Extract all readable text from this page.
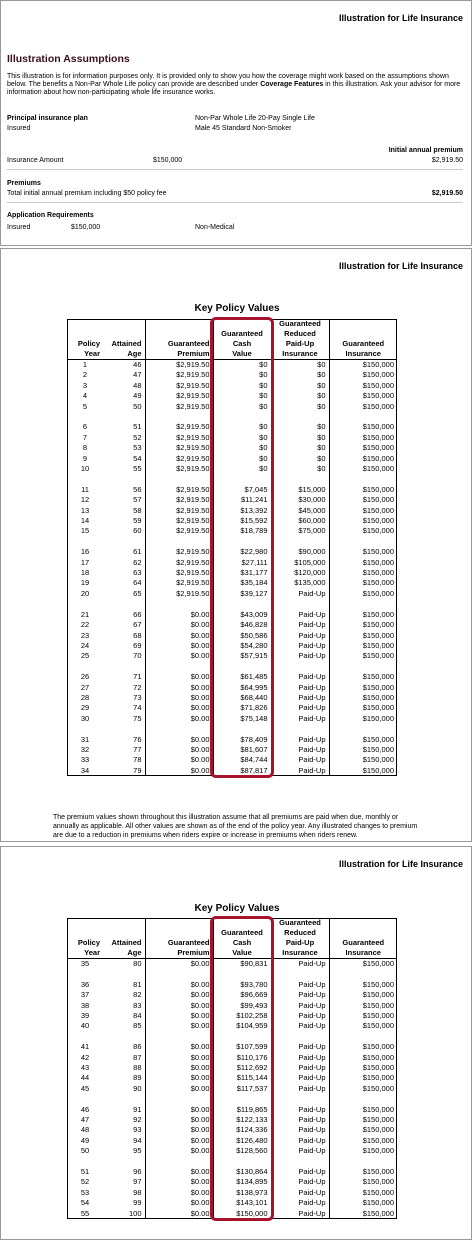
Illustration for Life Insurance
Illustration Assumptions
This illustration is for information purposes only. It is provided only to show you how the coverage might work based on the assumptions shown below. The benefits a Non-Par Whole Life policy can provide are described under Coverage Features in this illustration. Ask your advisor for more information about how non-participating whole life insurance works.
Principal insurance plan	Non-Par Whole Life 20-Pay Single Life
Insured	Male 45 Standard Non-Smoker
Initial annual premium
Insurance Amount	$150,000	$2,919.50
Premiums
Total initial annual premium including $50 policy fee	$2,919.50
Application Requirements
Insured	$150,000	Non-Medical
Illustration for Life Insurance
Key Policy Values
				Guaranteed	
			Guaranteed	Reduced	
Policy	Attained	Guaranteed	Cash	Paid-Up	Guaranteed
Year	Age	Premium	Value	Insurance	Insurance
1	46	$2,919.50	$0	$0	$150,000
2	47	$2,919.50	$0	$0	$150,000
3	48	$2,919.50	$0	$0	$150,000
4	49	$2,919.50	$0	$0	$150,000
5	50	$2,919.50	$0	$0	$150,000

6	51	$2,919.50	$0	$0	$150,000
7	52	$2,919.50	$0	$0	$150,000
8	53	$2,919.50	$0	$0	$150,000
9	54	$2,919.50	$0	$0	$150,000
10	55	$2,919.50	$0	$0	$150,000

11	56	$2,919.50	$7,045	$15,000	$150,000
12	57	$2,919.50	$11,241	$30,000	$150,000
13	58	$2,919.50	$13,392	$45,000	$150,000
14	59	$2,919.50	$15,592	$60,000	$150,000
15	60	$2,919.50	$18,789	$75,000	$150,000

16	61	$2,919.50	$22,980	$90,000	$150,000
17	62	$2,919.50	$27,111	$105,000	$150,000
18	63	$2,919.50	$31,177	$120,000	$150,000
19	64	$2,919.50	$35,184	$135,000	$150,000
20	65	$2,919.50	$39,127	Paid-Up	$150,000

21	66	$0.00	$43,009	Paid-Up	$150,000
22	67	$0.00	$46,828	Paid-Up	$150,000
23	68	$0.00	$50,586	Paid-Up	$150,000
24	69	$0.00	$54,280	Paid-Up	$150,000
25	70	$0.00	$57,915	Paid-Up	$150,000

26	71	$0.00	$61,485	Paid-Up	$150,000
27	72	$0.00	$64,995	Paid-Up	$150,000
28	73	$0.00	$68,440	Paid-Up	$150,000
29	74	$0.00	$71,826	Paid-Up	$150,000
30	75	$0.00	$75,148	Paid-Up	$150,000

31	76	$0.00	$78,409	Paid-Up	$150,000
32	77	$0.00	$81,607	Paid-Up	$150,000
33	78	$0.00	$84,744	Paid-Up	$150,000
34	79	$0.00	$87,817	Paid-Up	$150,000
The premium values shown throughout this illustration assume that all premiums are paid when due, monthly or annually as applicable. All other values are shown as of the end of the policy year. Any illustrated changes to premium are due to a reduction in premiums when riders expire or increase in premiums when riders renew.
Illustration for Life Insurance
Key Policy Values
				Guaranteed	
			Guaranteed	Reduced	
Policy	Attained	Guaranteed	Cash	Paid-Up	Guaranteed
Year	Age	Premium	Value	Insurance	Insurance
35	80	$0.00	$90,831	Paid-Up	$150,000

36	81	$0.00	$93,780	Paid-Up	$150,000
37	82	$0.00	$96,669	Paid-Up	$150,000
38	83	$0.00	$99,493	Paid-Up	$150,000
39	84	$0.00	$102,258	Paid-Up	$150,000
40	85	$0.00	$104,959	Paid-Up	$150,000

41	86	$0.00	$107,599	Paid-Up	$150,000
42	87	$0.00	$110,176	Paid-Up	$150,000
43	88	$0.00	$112,692	Paid-Up	$150,000
44	89	$0.00	$115,144	Paid-Up	$150,000
45	90	$0.00	$117,537	Paid-Up	$150,000

46	91	$0.00	$119,865	Paid-Up	$150,000
47	92	$0.00	$122,133	Paid-Up	$150,000
48	93	$0.00	$124,336	Paid-Up	$150,000
49	94	$0.00	$126,480	Paid-Up	$150,000
50	95	$0.00	$128,560	Paid-Up	$150,000

51	96	$0.00	$130,864	Paid-Up	$150,000
52	97	$0.00	$134,895	Paid-Up	$150,000
53	98	$0.00	$138,973	Paid-Up	$150,000
54	99	$0.00	$143,101	Paid-Up	$150,000
55	100	$0.00	$150,000	Paid-Up	$150,000
